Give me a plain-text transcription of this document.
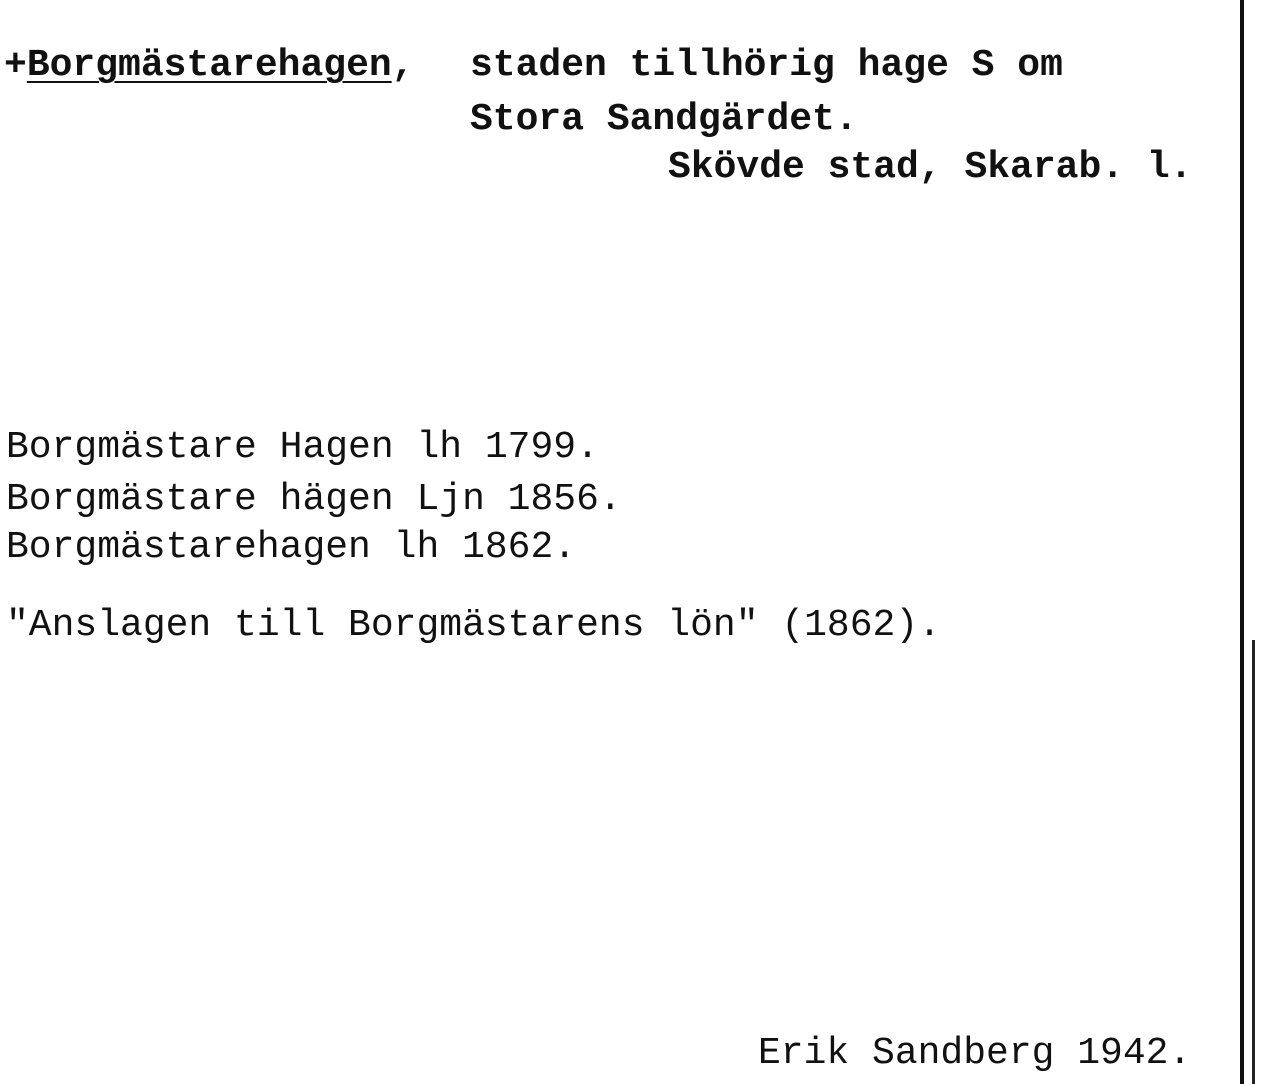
+Borgmästarehagen, staden tillhörig hage S om
Stora Sandgärdet.
Skövde stad, Skarab. l.
Borgmästare Hagen lh 1799.
Borgmästare hägen Ljn 1856.
Borgmästarehagen lh 1862.
"Anslagen till Borgmästarens lön" (1862).
Erik Sandberg 1942.
